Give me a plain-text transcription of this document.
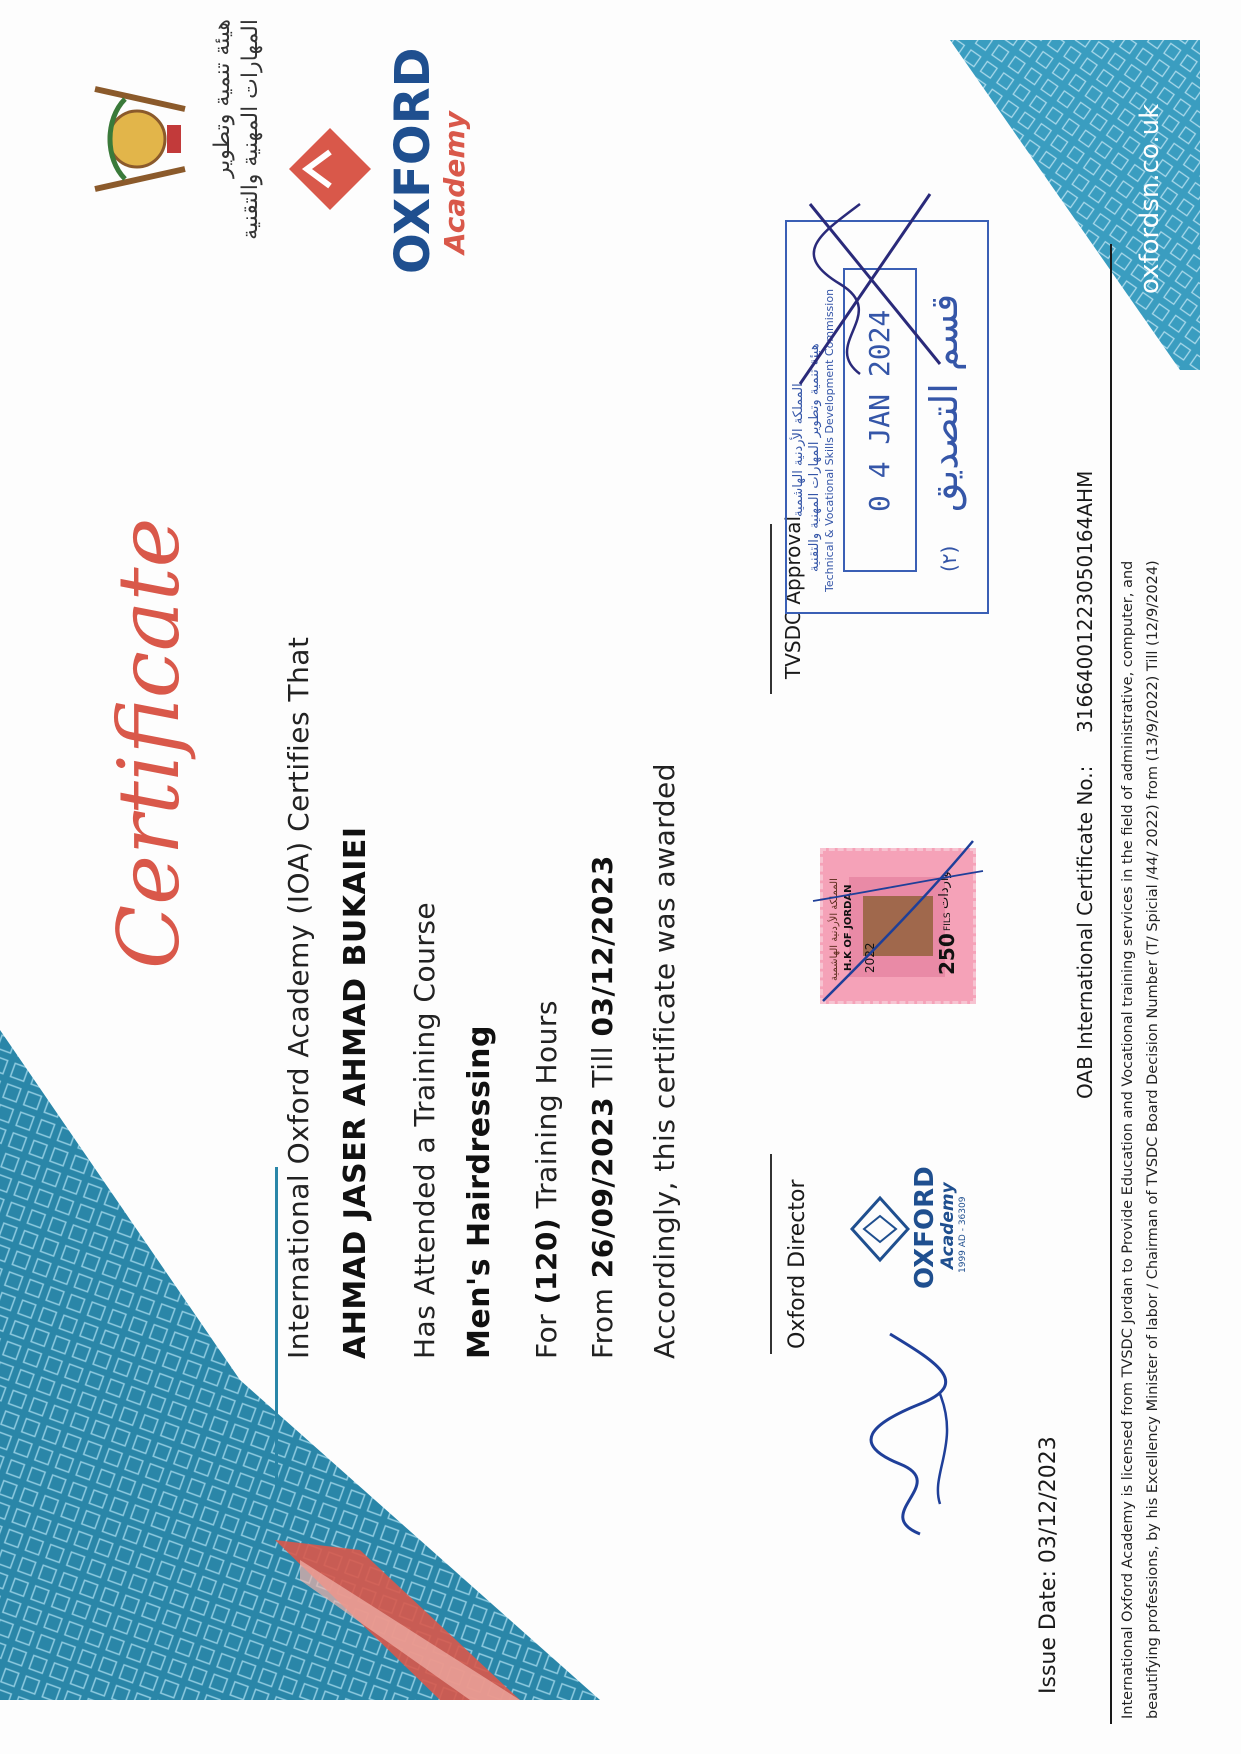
Certificate	International Oxford Academy (IOA) Certifies That AHMAD JASER AHMAD BUKAIEI Has Attended a Training Course Men's Hairdressing For (120) Training Hours
From 26/09/2023 Till 03/12/2023 Accordingly, this certificate was awarded	Oxford Director	OXFORD
Academy 1999 AD - 36309
المملكة الأردنية الهاشمية H.K OF JORDAN 2022	250
FILS
واردات
TVSDC Approval
المملكة الأردنية الهاشمية هيئة تنمية وتطوير المهارات المهنية والتقنية Technical & Vocational Skills Development Commission 0 4 JAN 2024 قسم التصديق
(٢)
هيئة تنمية وتطوير المهارات المهنية والتقنية	OXFORD
Academy	oxfordsn.co.uk
Issue Date: 03/12/2023
OAB International Certificate No.:  31664001223050164AHM International Oxford Academy is licensed from TVSDC Jordan to Provide Education and Vocational training services in the field of administrative, computer, and beautifying professions, by his Excellency Minister of labor / Chairman of TVSDC Board Decision Number (T/ Spicial /44/ 2022) from (13/9/2022) Till (12/9/2024)
